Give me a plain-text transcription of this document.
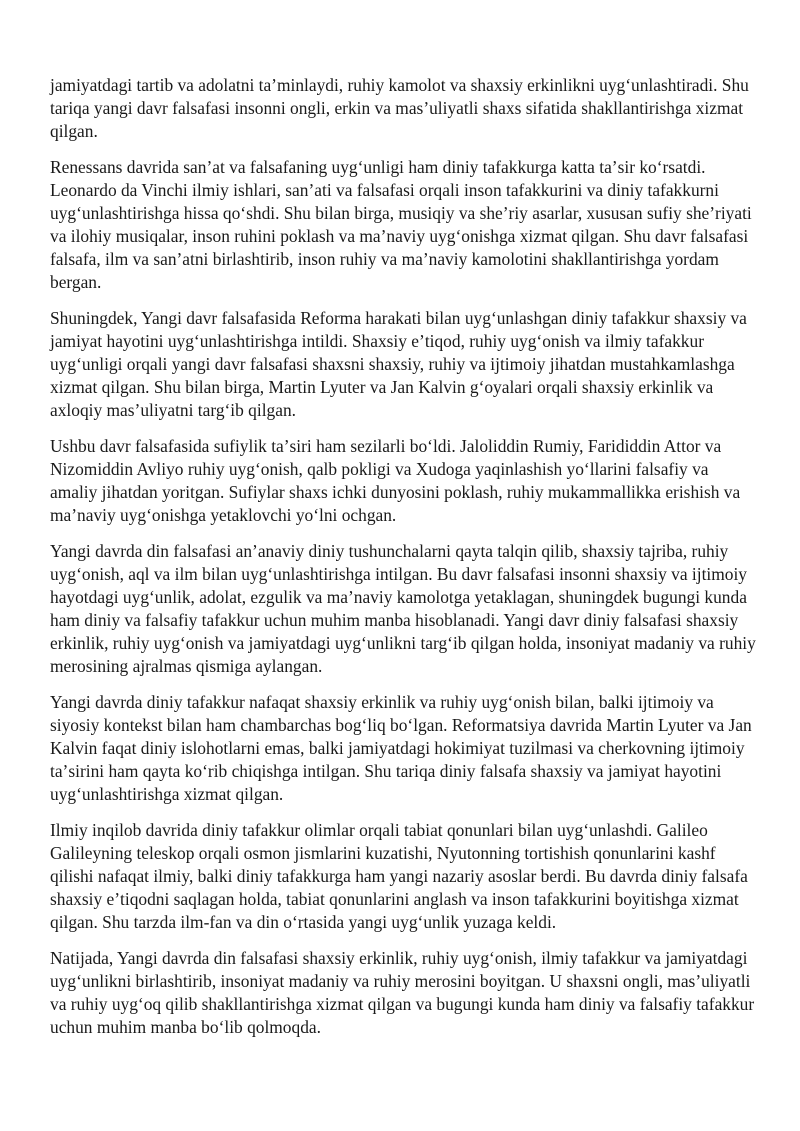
jamiyatdagi tartib va adolatni taʼminlaydi, ruhiy kamolot va shaxsiy erkinlikni uygʻunlashtiradi. Shu tariqa yangi davr falsafasi insonni ongli, erkin va masʼuliyatli shaxs sifatida shakllantirishga xizmat qilgan.

Renessans davrida sanʼat va falsafaning uygʻunligi ham diniy tafakkurga katta taʼsir koʻrsatdi. Leonardo da Vinchi ilmiy ishlari, sanʼati va falsafasi orqali inson tafakkurini va diniy tafakkurni uygʻunlashtirishga hissa qoʻshdi. Shu bilan birga, musiqiy va sheʼriy asarlar, xususan sufiy sheʼriyati va ilohiy musiqalar, inson ruhini poklash va maʼnaviy uygʻonishga xizmat qilgan. Shu davr falsafasi falsafa, ilm va sanʼatni birlashtirib, inson ruhiy va maʼnaviy kamolotini shakllantirishga yordam bergan.

Shuningdek, Yangi davr falsafasida Reforma harakati bilan uygʻunlashgan diniy tafakkur shaxsiy va jamiyat hayotini uygʻunlashtirishga intildi. Shaxsiy eʼtiqod, ruhiy uygʻonish va ilmiy tafakkur uygʻunligi orqali yangi davr falsafasi shaxsni shaxsiy, ruhiy va ijtimoiy jihatdan mustahkamlashga xizmat qilgan. Shu bilan birga, Martin Lyuter va Jan Kalvin gʻoyalari orqali shaxsiy erkinlik va axloqiy masʼuliyatni targʻib qilgan.

Ushbu davr falsafasida sufiylik taʼsiri ham sezilarli boʻldi. Jaloliddin Rumiy, Farididdin Attor va Nizomiddin Avliyo ruhiy uygʻonish, qalb pokligi va Xudoga yaqinlashish yoʻllarini falsafiy va amaliy jihatdan yoritgan. Sufiylar shaxs ichki dunyosini poklash, ruhiy mukammallikka erishish va maʼnaviy uygʻonishga yetaklovchi yoʻlni ochgan.

Yangi davrda din falsafasi anʼanaviy diniy tushunchalarni qayta talqin qilib, shaxsiy tajriba, ruhiy uygʻonish, aql va ilm bilan uygʻunlashtirishga intilgan. Bu davr falsafasi insonni shaxsiy va ijtimoiy hayotdagi uygʻunlik, adolat, ezgulik va maʼnaviy kamolotga yetaklagan, shuningdek bugungi kunda ham diniy va falsafiy tafakkur uchun muhim manba hisoblanadi. Yangi davr diniy falsafasi shaxsiy erkinlik, ruhiy uygʻonish va jamiyatdagi uygʻunlikni targʻib qilgan holda, insoniyat madaniy va ruhiy merosining ajralmas qismiga aylangan.

Yangi davrda diniy tafakkur nafaqat shaxsiy erkinlik va ruhiy uygʻonish bilan, balki ijtimoiy va siyosiy kontekst bilan ham chambarchas bogʻliq boʻlgan. Reformatsiya davrida Martin Lyuter va Jan Kalvin faqat diniy islohotlarni emas, balki jamiyatdagi hokimiyat tuzilmasi va cherkovning ijtimoiy taʼsirini ham qayta koʻrib chiqishga intilgan. Shu tariqa diniy falsafa shaxsiy va jamiyat hayotini uygʻunlashtirishga xizmat qilgan.

Ilmiy inqilob davrida diniy tafakkur olimlar orqali tabiat qonunlari bilan uygʻunlashdi. Galileo Galileyning teleskop orqali osmon jismlarini kuzatishi, Nyutonning tortishish qonunlarini kashf qilishi nafaqat ilmiy, balki diniy tafakkurga ham yangi nazariy asoslar berdi. Bu davrda diniy falsafa shaxsiy eʼtiqodni saqlagan holda, tabiat qonunlarini anglash va inson tafakkurini boyitishga xizmat qilgan. Shu tarzda ilm-fan va din oʻrtasida yangi uygʻunlik yuzaga keldi.

Natijada, Yangi davrda din falsafasi shaxsiy erkinlik, ruhiy uygʻonish, ilmiy tafakkur va jamiyatdagi uygʻunlikni birlashtirib, insoniyat madaniy va ruhiy merosini boyitgan. U shaxsni ongli, masʼuliyatli va ruhiy uygʻoq qilib shakllantirishga xizmat qilgan va bugungi kunda ham diniy va falsafiy tafakkur uchun muhim manba boʻlib qolmoqda.
